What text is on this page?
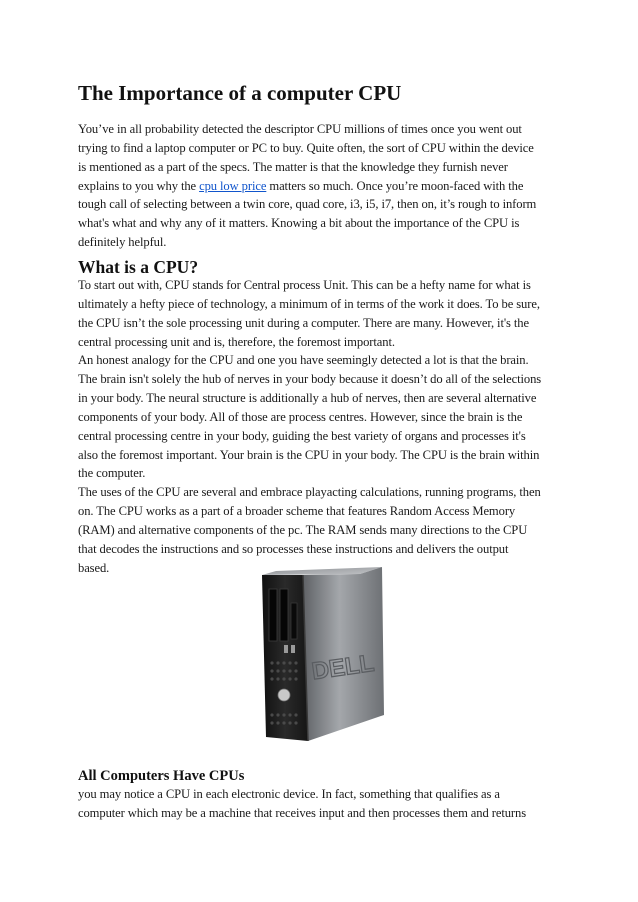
The Importance of a computer CPU
You’ve in all probability detected the descriptor CPU millions of times once you went out
trying to find a laptop computer or PC to buy. Quite often, the sort of CPU within the device
is mentioned as a part of the specs. The matter is that the knowledge they furnish never
explains to you why the cpu low price matters so much. Once you’re moon-faced with the
tough call of selecting between a twin core, quad core, i3, i5, i7, then on, it’s rough to inform
what's what and why any of it matters. Knowing a bit about the importance of the CPU is
definitely helpful.
What is a CPU?
To start out with, CPU stands for Central process Unit. This can be a hefty name for what is
ultimately a hefty piece of technology, a minimum of in terms of the work it does. To be sure,
the CPU isn’t the sole processing unit during a computer. There are many. However, it's the
central processing unit and is, therefore, the foremost important.
An honest analogy for the CPU and one you have seemingly detected a lot is that the brain.
The brain isn't solely the hub of nerves in your body because it doesn’t do all of the selections
in your body. The neural structure is additionally a hub of nerves, then are several alternative
components of your body. All of those are process centres. However, since the brain is the
central processing centre in your body, guiding the best variety of organs and processes it's
also the foremost important. Your brain is the CPU in your body. The CPU is the brain within
the computer.
The uses of the CPU are several and embrace playacting calculations, running programs, then
on. The CPU works as a part of a broader scheme that features Random Access Memory
(RAM) and alternative components of the pc. The RAM sends many directions to the CPU
that decodes the instructions and so processes these instructions and delivers the output
based.
DELL
All Computers Have CPUs
you may notice a CPU in each electronic device. In fact, something that qualifies as a
computer which may be a machine that receives input and then processes them and returns
